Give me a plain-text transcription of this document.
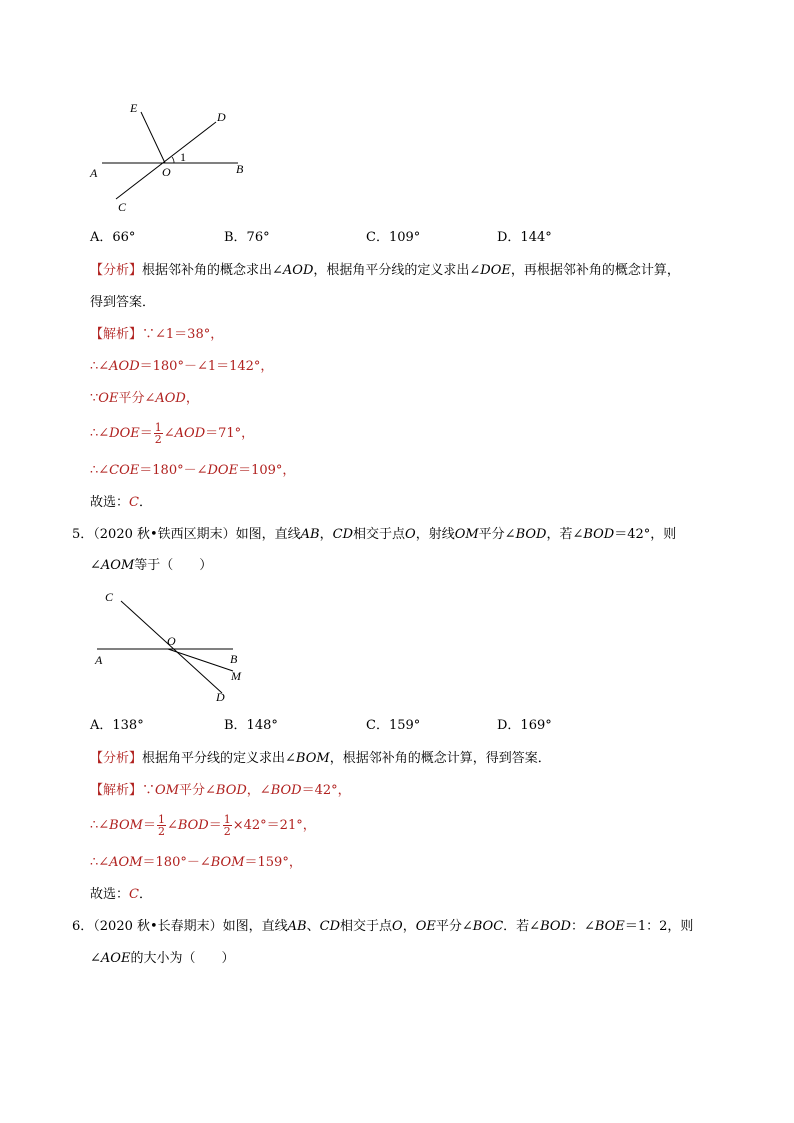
E
D
A	O
1
B
C
A．66°	B．76°	C．109°	D．144°
【分析】根据邻补角的概念求出∠AOD，根据角平分线的定义求出∠DOE，再根据邻补角的概念计算，
得到答案．
【解析】∵∠1＝38°，
∴∠AOD＝180°－∠1＝142°，
∵OE平分∠AOD，
∴∠DOE＝ $\frac{1}{2}$ ∠AOD＝71°，
∴∠COE＝180°－∠DOE＝109°，
故选：C．
5．（2020 秋•铁西区期末）如图，直线AB，CD相交于点O，射线OM平分∠BOD，若∠BOD＝42°，则
∠AOM等于（　　）
C
O
A	B
M
D
A．138°	B．148°	C．159°	D．169°
【分析】根据角平分线的定义求出∠BOM，根据邻补角的概念计算，得到答案．
【解析】∵OM平分∠BOD，∠BOD＝42°，
∴∠BOM＝ $\frac{1}{2}$ ∠BOD＝ $\frac{1}{2} \times 42^\circ=21^\circ$，
∴∠AOM＝180°－∠BOM＝159°，
故选：C．
6．（2020 秋•长春期末）如图，直线AB、CD相交于点O，OE平分∠BOC．若∠BOD：∠BOE＝1：2，则
∠AOE的大小为（　　）
